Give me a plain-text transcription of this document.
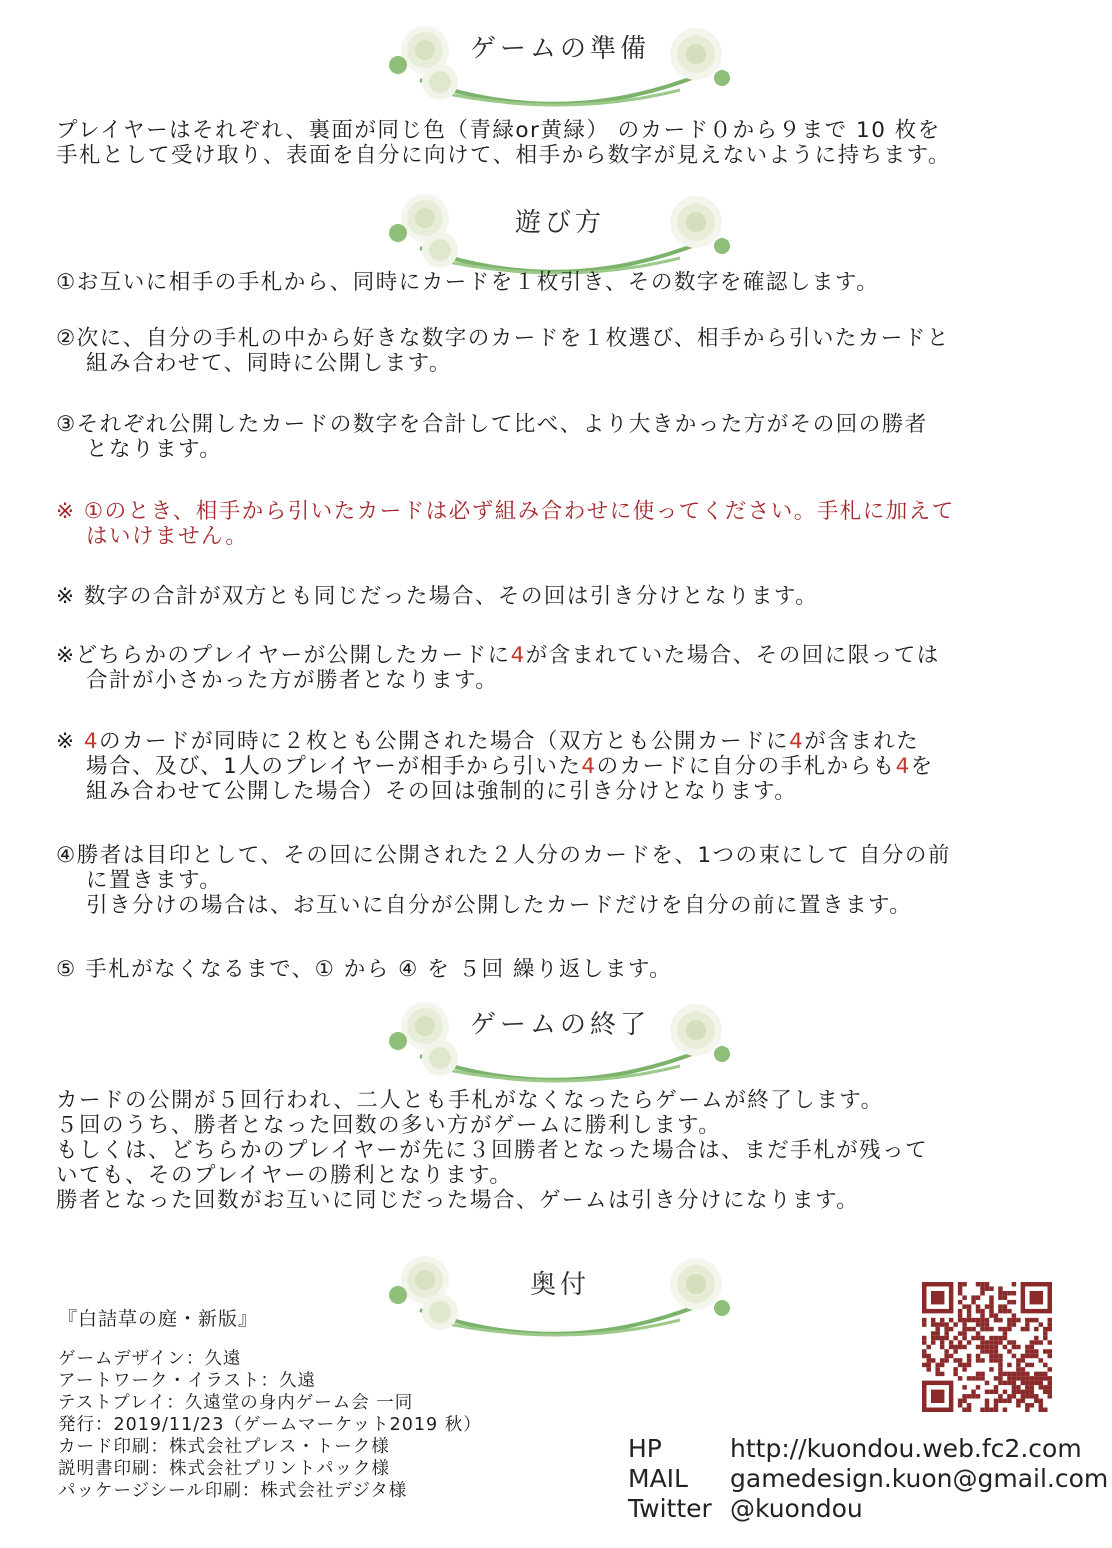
ゲームの準備
プレイヤーはそれぞれ、裏面が同じ色（青緑or黄緑） のカード０から９まで 10 枚を
手札として受け取り、表面を自分に向けて、相手から数字が見えないように持ちます。
遊び方
①お互いに相手の手札から、同時にカードを１枚引き、その数字を確認します。
②次に、自分の手札の中から好きな数字のカードを１枚選び、相手から引いたカードと
組み合わせて、同時に公開します。
③それぞれ公開したカードの数字を合計して比べ、より大きかった方がその回の勝者
となります。
※ ①のとき、相手から引いたカードは必ず組み合わせに使ってください。手札に加えて
はいけません。
※ 数字の合計が双方とも同じだった場合、その回は引き分けとなります。
※どちらかのプレイヤーが公開したカードに4が含まれていた場合、その回に限っては
合計が小さかった方が勝者となります。
※ 4のカードが同時に２枚とも公開された場合（双方とも公開カードに4が含まれた
場合、及び、1人のプレイヤーが相手から引いた4のカードに自分の手札からも4を
組み合わせて公開した場合）その回は強制的に引き分けとなります。
④勝者は目印として、その回に公開された２人分のカードを、1つの束にして 自分の前
に置きます。
引き分けの場合は、お互いに自分が公開したカードだけを自分の前に置きます。
⑤ 手札がなくなるまで、① から ④ を ５回 繰り返します。
ゲームの終了
カードの公開が５回行われ、二人とも手札がなくなったらゲームが終了します。
５回のうち、勝者となった回数の多い方がゲームに勝利します。
もしくは、どちらかのプレイヤーが先に３回勝者となった場合は、まだ手札が残って
いても、そのプレイヤーの勝利となります。
勝者となった回数がお互いに同じだった場合、ゲームは引き分けになります。
奥付
『白詰草の庭・新版』
ゲームデザイン：久遠
アートワーク・イラスト：久遠
テストプレイ：久遠堂の身内ゲーム会 一同
発行：2019/11/23（ゲームマーケット2019 秋）
カード印刷：株式会社プレス・トーク様
説明書印刷：株式会社プリントパック様
パッケージシール印刷：株式会社デジタ様
HP	http://kuondou.web.fc2.com
MAIL gamedesign.kuon@gmail.com
Twitter @kuondou
